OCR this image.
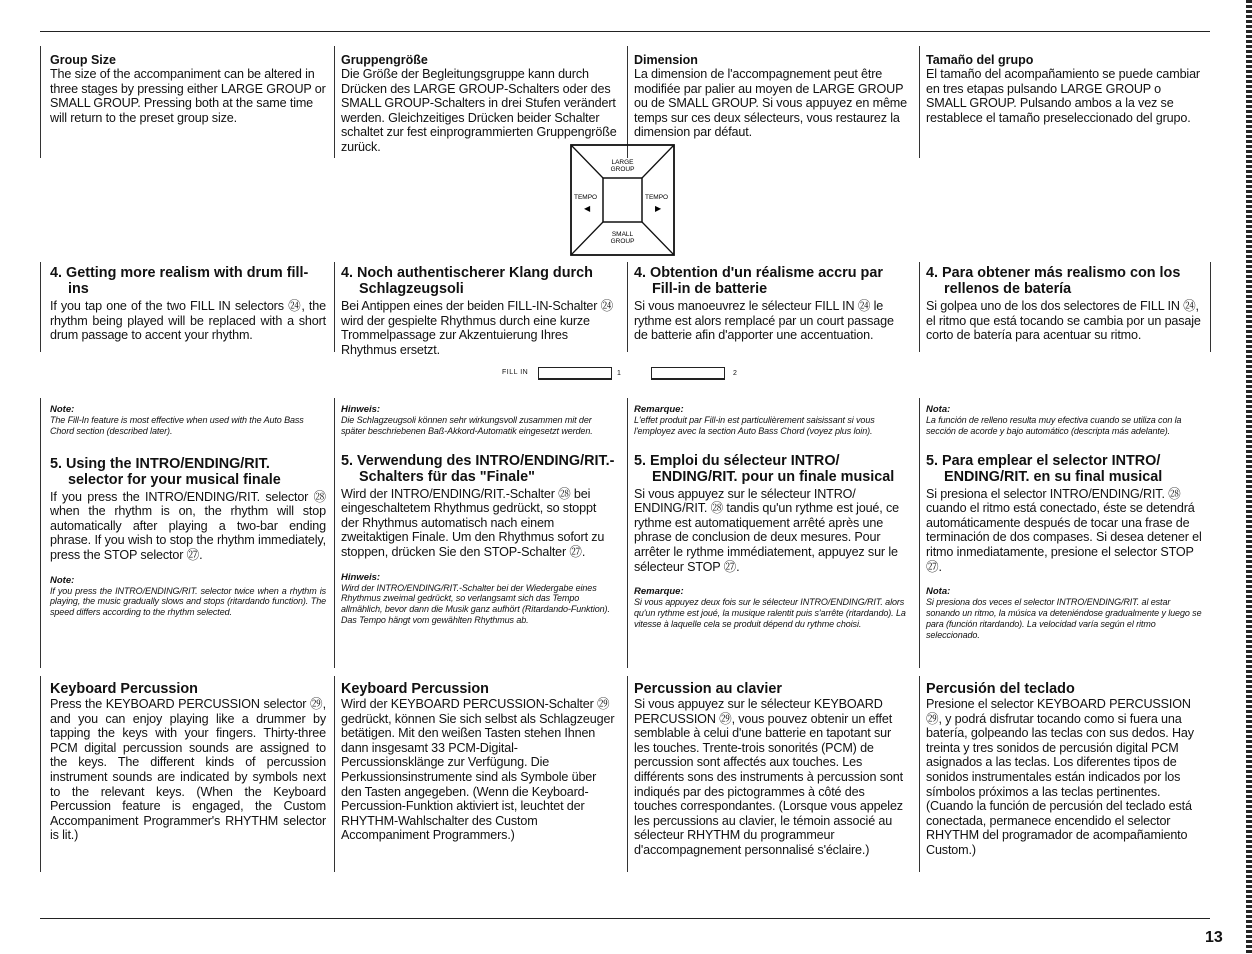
Group Size

The size of the accompaniment can be altered in three stages by pressing either LARGE GROUP or SMALL GROUP. Pressing both at the same time will return to the preset group size.

Gruppengröße

Die Größe der Begleitungsgruppe kann durch Drücken des LARGE GROUP-Schalters oder des SMALL GROUP-Schalters in drei Stufen verändert werden. Gleichzeitiges Drücken beider Schalter schaltet zur fest einprogrammierten Gruppengröße zurück.

Dimension

La dimension de l'accompagnement peut être modifiée par palier au moyen de LARGE GROUP ou de SMALL GROUP. Si vous appuyez en même temps sur ces deux sélecteurs, vous restaurez la dimension par défaut.

Tamaño del grupo

El tamaño del acompañamiento se puede cambiar en tres etapas pulsando LARGE GROUP o SMALL GROUP. Pulsando ambos a la vez se restablece el tamaño preseleccionado del grupo.

LARGE GROUP
SMALL GROUP
TEMPO	TEMPO
◀	▶

4. Getting more realism with drum fill-ins

If you tap one of the two FILL IN selectors ㉔, the rhythm being played will be replaced with a short drum passage to accent your rhythm.

4. Noch authentischerer Klang durch Schlagzeugsoli

Bei Antippen eines der beiden FILL-IN-Schalter ㉔ wird der gespielte Rhythmus durch eine kurze Trommelpassage zur Akzentuierung Ihres Rhythmus ersetzt.

4. Obtention d'un réalisme accru par Fill-in de batterie

Si vous manoeuvrez le sélecteur FILL IN ㉔ le rythme est alors remplacé par un court passage de batterie afin d'apporter une accentuation.

4. Para obtener más realismo con los rellenos de batería

Si golpea uno de los dos selectores de FILL IN ㉔, el ritmo que está tocando se cambia por un pasaje corto de batería para acentuar su ritmo.

FILL IN	1	2

Note:

The Fill-In feature is most effective when used with the Auto Bass Chord section (described later).

5. Using the INTRO/ENDING/RIT. selector for your musical finale

If you press the INTRO/ENDING/RIT. selector ㉘ when the rhythm is on, the rhythm will stop automatically after playing a two-bar ending phrase. If you wish to stop the rhythm immediately, press the STOP selector ㉗.

Note:

If you press the INTRO/ENDING/RIT. selector twice when a rhythm is playing, the music gradually slows and stops (ritardando function). The speed differs according to the rhythm selected.

Hinweis:

Die Schlagzeugsoli können sehr wirkungsvoll zusammen mit der später beschriebenen Baß-Akkord-Automatik eingesetzt werden.

5. Verwendung des INTRO/ENDING/RIT.-Schalters für das "Finale"

Wird der INTRO/ENDING/RIT.-Schalter ㉘ bei eingeschaltetem Rhythmus gedrückt, so stoppt der Rhythmus automatisch nach einem zweitaktigen Finale. Um den Rhythmus sofort zu stoppen, drücken Sie den STOP-Schalter ㉗.

Hinweis:

Wird der INTRO/ENDING/RIT.-Schalter bei der Wiedergabe eines Rhythmus zweimal gedrückt, so verlangsamt sich das Tempo allmählich, bevor dann die Musik ganz aufhört (Ritardando-Funktion). Das Tempo hängt vom gewählten Rhythmus ab.

Remarque:

L'effet produit par Fill-in est particulièrement saisissant si vous l'employez avec la section Auto Bass Chord (voyez plus loin).

5. Emploi du sélecteur INTRO/ ENDING/RIT. pour un finale musical

Si vous appuyez sur le sélecteur INTRO/ ENDING/RIT. ㉘ tandis qu'un rythme est joué, ce rythme est automatiquement arrêté après une phrase de conclusion de deux mesures. Pour arrêter le rythme immédiatement, appuyez sur le sélecteur STOP ㉗.

Remarque:

Si vous appuyez deux fois sur le sélecteur INTRO/ENDING/RIT. alors qu'un rythme est joué, la musique ralentit puis s'arrête (ritardando). La vitesse à laquelle cela se produit dépend du rythme choisi.

Nota:

La función de relleno resulta muy efectiva cuando se utiliza con la sección de acorde y bajo automático (descripta más adelante).

5. Para emplear el selector INTRO/ ENDING/RIT. en su final musical

Si presiona el selector INTRO/ENDING/RIT. ㉘ cuando el ritmo está conectado, éste se detendrá automáticamente después de tocar una frase de terminación de dos compases. Si desea detener el ritmo inmediatamente, presione el selector STOP ㉗.

Nota:

Si presiona dos veces el selector INTRO/ENDING/RIT. al estar sonando un ritmo, la música va deteniéndose gradualmente y luego se para (función ritardando). La velocidad varía según el ritmo seleccionado.

Keyboard Percussion

Press the KEYBOARD PERCUSSION selector ㉙, and you can enjoy playing like a drummer by tapping the keys with your fingers. Thirty-three PCM digital percussion sounds are assigned to the keys. The different kinds of percussion instrument sounds are indicated by symbols next to the relevant keys. (When the Keyboard Percussion feature is engaged, the Custom Accompaniment Programmer's RHYTHM selector is lit.)

Keyboard Percussion

Wird der KEYBOARD PERCUSSION-Schalter ㉙ gedrückt, können Sie sich selbst als Schlagzeuger betätigen. Mit den weißen Tasten stehen Ihnen dann insgesamt 33 PCM-Digital-Percussionsklänge zur Verfügung. Die Perkussionsinstrumente sind als Symbole über den Tasten angegeben. (Wenn die Keyboard-Percussion-Funktion aktiviert ist, leuchtet der RHYTHM-Wahlschalter des Custom Accompaniment Programmers.)

Percussion au clavier

Si vous appuyez sur le sélecteur KEYBOARD PERCUSSION ㉙, vous pouvez obtenir un effet semblable à celui d'une batterie en tapotant sur les touches. Trente-trois sonorités (PCM) de percussion sont affectés aux touches. Les différents sons des instruments à percussion sont indiqués par des pictogrammes à côté des touches correspondantes. (Lorsque vous appelez les percussions au clavier, le témoin associé au sélecteur RHYTHM du programmeur d'accompagnement personnalisé s'éclaire.)

Percusión del teclado

Presione el selector KEYBOARD PERCUSSION ㉙, y podrá disfrutar tocando como si fuera una batería, golpeando las teclas con sus dedos. Hay treinta y tres sonidos de percusión digital PCM asignados a las teclas. Los diferentes tipos de sonidos instrumentales están indicados por los símbolos próximos a las teclas pertinentes. (Cuando la función de percusión del teclado está conectada, permanece encendido el selector RHYTHM del programador de acompañamiento Custom.)

13
